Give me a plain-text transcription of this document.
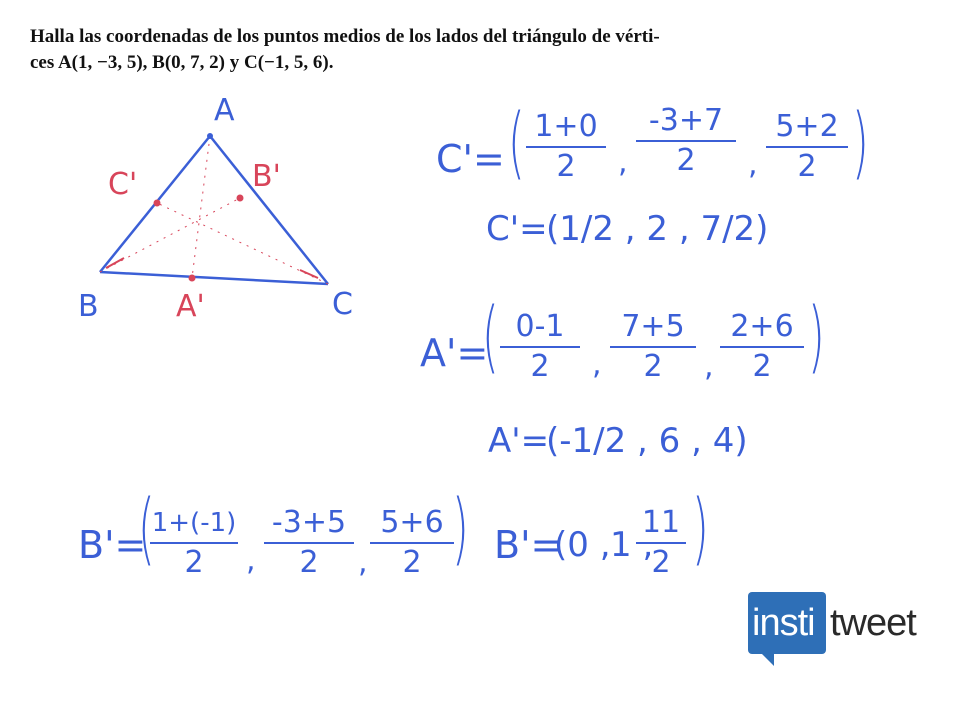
Halla las coordenadas de los puntos medios de los lados del triángulo de vérti-
ces A(1, −3, 5), B(0, 7, 2) y C(−1, 5, 6).
A
B	C
C'	B'
A'
C'= ( 1+0
2	,
-3+7
2	,
5+2
2 )
C'=
(1/2 , 2 , 7/2)
A'=
( 0-1
2	,
7+5
2	,
2+6
2 )
A'=
(-1/2 , 6 , 4)
B'=
(
1+(-1)
2	,
-3+5
2	,
5+6
2 ) B'=
(0 , 1 ,
11
2 )
insti tweet
